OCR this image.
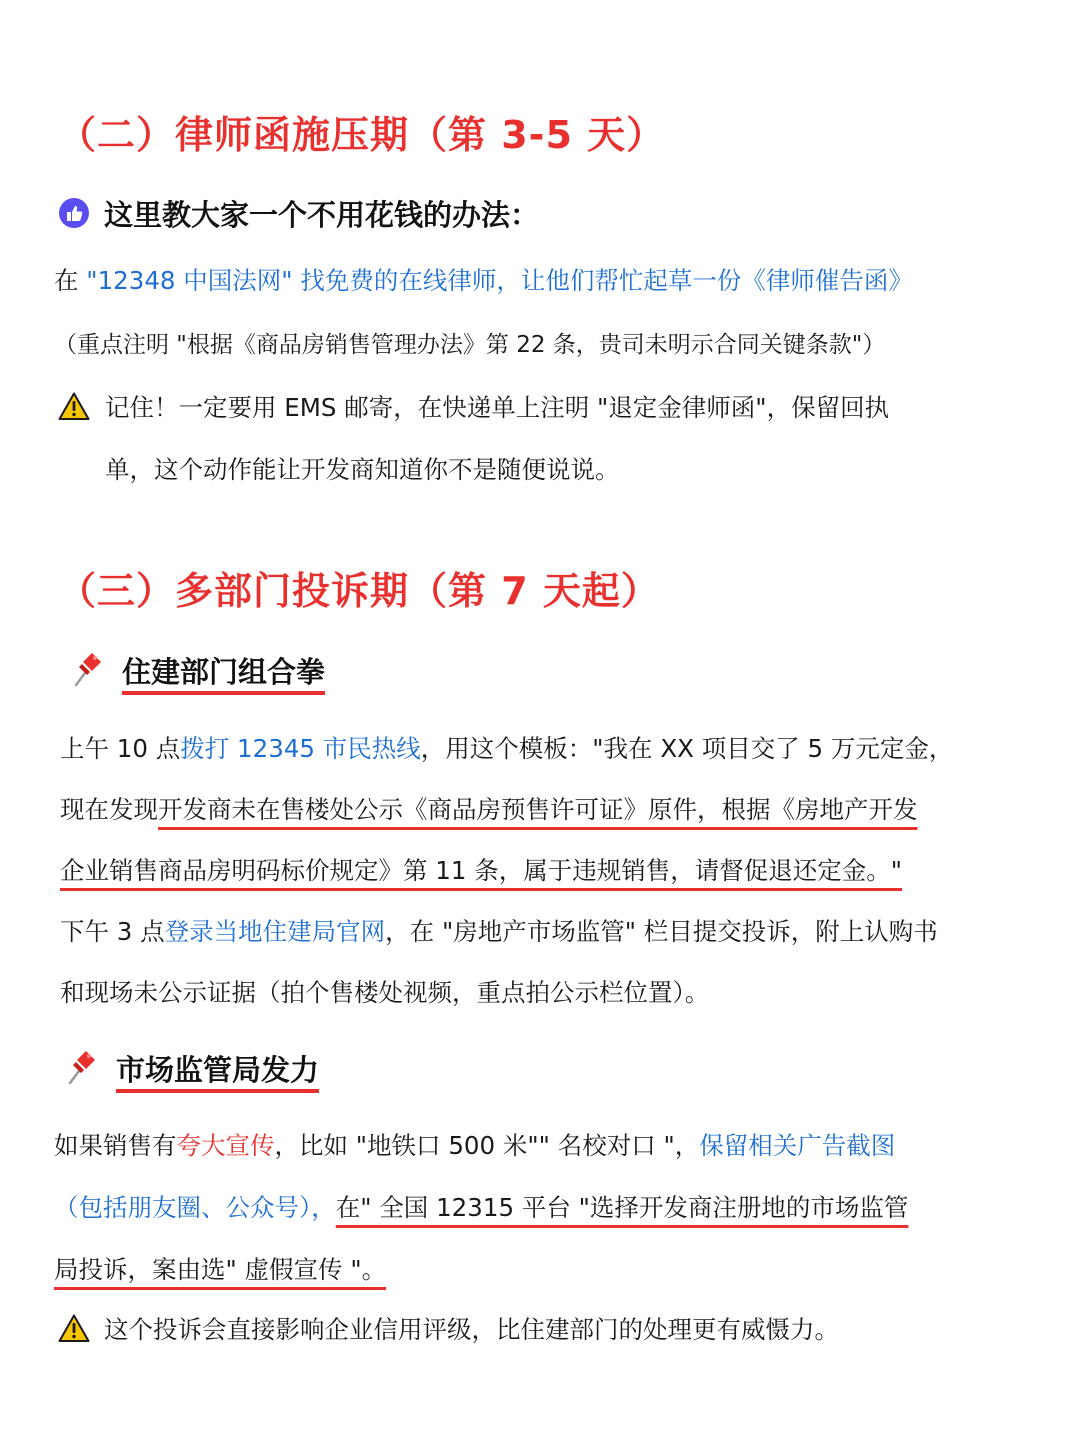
（二）律师函施压期（第 3-5 天）
这里教大家一个不用花钱的办法：
在 "12348 中国法网" 找免费的在线律师，让他们帮忙起草一份《律师催告函》
（重点注明 "根据《商品房销售管理办法》第 22 条，贵司未明示合同关键条款"）
记住！一定要用 EMS 邮寄，在快递单上注明 "退定金律师函"，保留回执
单，这个动作能让开发商知道你不是随便说说。
（三）多部门投诉期（第 7 天起）
住建部门组合拳
上午 10 点拨打 12345 市民热线，用这个模板："我在 XX 项目交了 5 万元定金，
现在发现开发商未在售楼处公示《商品房预售许可证》原件，根据《房地产开发
企业销售商品房明码标价规定》第 11 条，属于违规销售，请督促退还定金。"
下午 3 点登录当地住建局官网，在 "房地产市场监管" 栏目提交投诉，附上认购书
和现场未公示证据（拍个售楼处视频，重点拍公示栏位置）。
市场监管局发力
如果销售有夸大宣传，比如 "地铁口 500 米"" 名校对口 "，保留相关广告截图
（包括朋友圈、公众号），在" 全国 12315 平台 "选择开发商注册地的市场监管
局投诉，案由选" 虚假宣传 "。
这个投诉会直接影响企业信用评级，比住建部门的处理更有威慑力。
